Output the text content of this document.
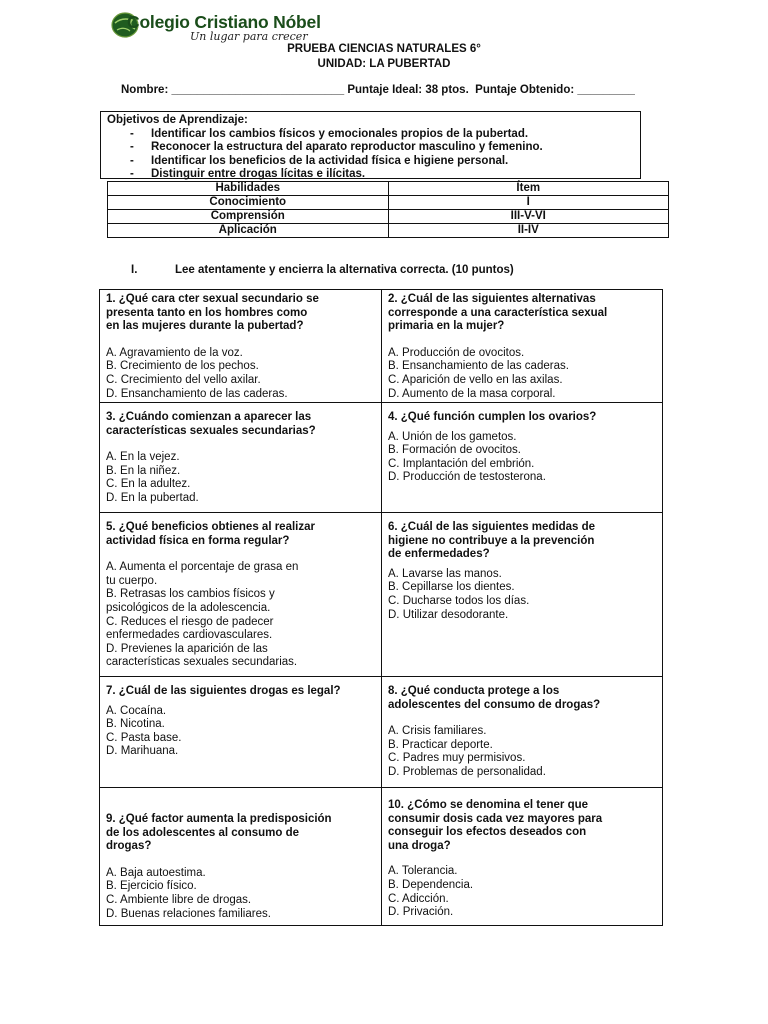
Colegio Cristiano Nóbel
Un lugar para crecer
PRUEBA CIENCIAS NATURALES 6°
UNIDAD: LA PUBERTAD
Nombre: ___________________________ Puntaje Ideal: 38 ptos.  Puntaje Obtenido: _________
Objetivos de Aprendizaje:
- Identificar los cambios físicos y emocionales propios de la pubertad.
- Reconocer la estructura del aparato reproductor masculino y femenino.
- Identificar los beneficios de la actividad física e higiene personal.
- Distinguir entre drogas lícitas e ilícitas.
Habilidades	Ítem
Conocimiento	I
Comprensión	III-V-VI
Aplicación	II-IV
I.	Lee atentamente y encierra la alternativa correcta. (10 puntos)
1. ¿Qué cara cter sexual secundario se
presenta tanto en los hombres como
en las mujeres durante la pubertad?
A. Agravamiento de la voz.
B. Crecimiento de los pechos.
C. Crecimiento del vello axilar.
D. Ensanchamiento de las caderas.
2. ¿Cuál de las siguientes alternativas
corresponde a una característica sexual
primaria en la mujer?
A. Producción de ovocitos.
B. Ensanchamiento de las caderas.
C. Aparición de vello en las axilas.
D. Aumento de la masa corporal.
3. ¿Cuándo comienzan a aparecer las
características sexuales secundarias?
A. En la vejez.
B. En la niñez.
C. En la adultez.
D. En la pubertad.
4. ¿Qué función cumplen los ovarios?
A. Unión de los gametos.
B. Formación de ovocitos.
C. Implantación del embrión.
D. Producción de testosterona.
5. ¿Qué beneficios obtienes al realizar
actividad física en forma regular?
A. Aumenta el porcentaje de grasa en
tu cuerpo.
B. Retrasas los cambios físicos y
psicológicos de la adolescencia.
C. Reduces el riesgo de padecer
enfermedades cardiovasculares.
D. Previenes la aparición de las
características sexuales secundarias.
6. ¿Cuál de las siguientes medidas de
higiene no contribuye a la prevención
de enfermedades?
A. Lavarse las manos.
B. Cepillarse los dientes.
C. Ducharse todos los días.
D. Utilizar desodorante.
7. ¿Cuál de las siguientes drogas es legal?
A. Cocaína.
B. Nicotina.
C. Pasta base.
D. Marihuana.
8. ¿Qué conducta protege a los
adolescentes del consumo de drogas?
A. Crisis familiares.
B. Practicar deporte.
C. Padres muy permisivos.
D. Problemas de personalidad.
9. ¿Qué factor aumenta la predisposición
de los adolescentes al consumo de
drogas?
A. Baja autoestima.
B. Ejercicio físico.
C. Ambiente libre de drogas.
D. Buenas relaciones familiares.
10. ¿Cómo se denomina el tener que
consumir dosis cada vez mayores para
conseguir los efectos deseados con
una droga?
A. Tolerancia.
B. Dependencia.
C. Adicción.
D. Privación.
